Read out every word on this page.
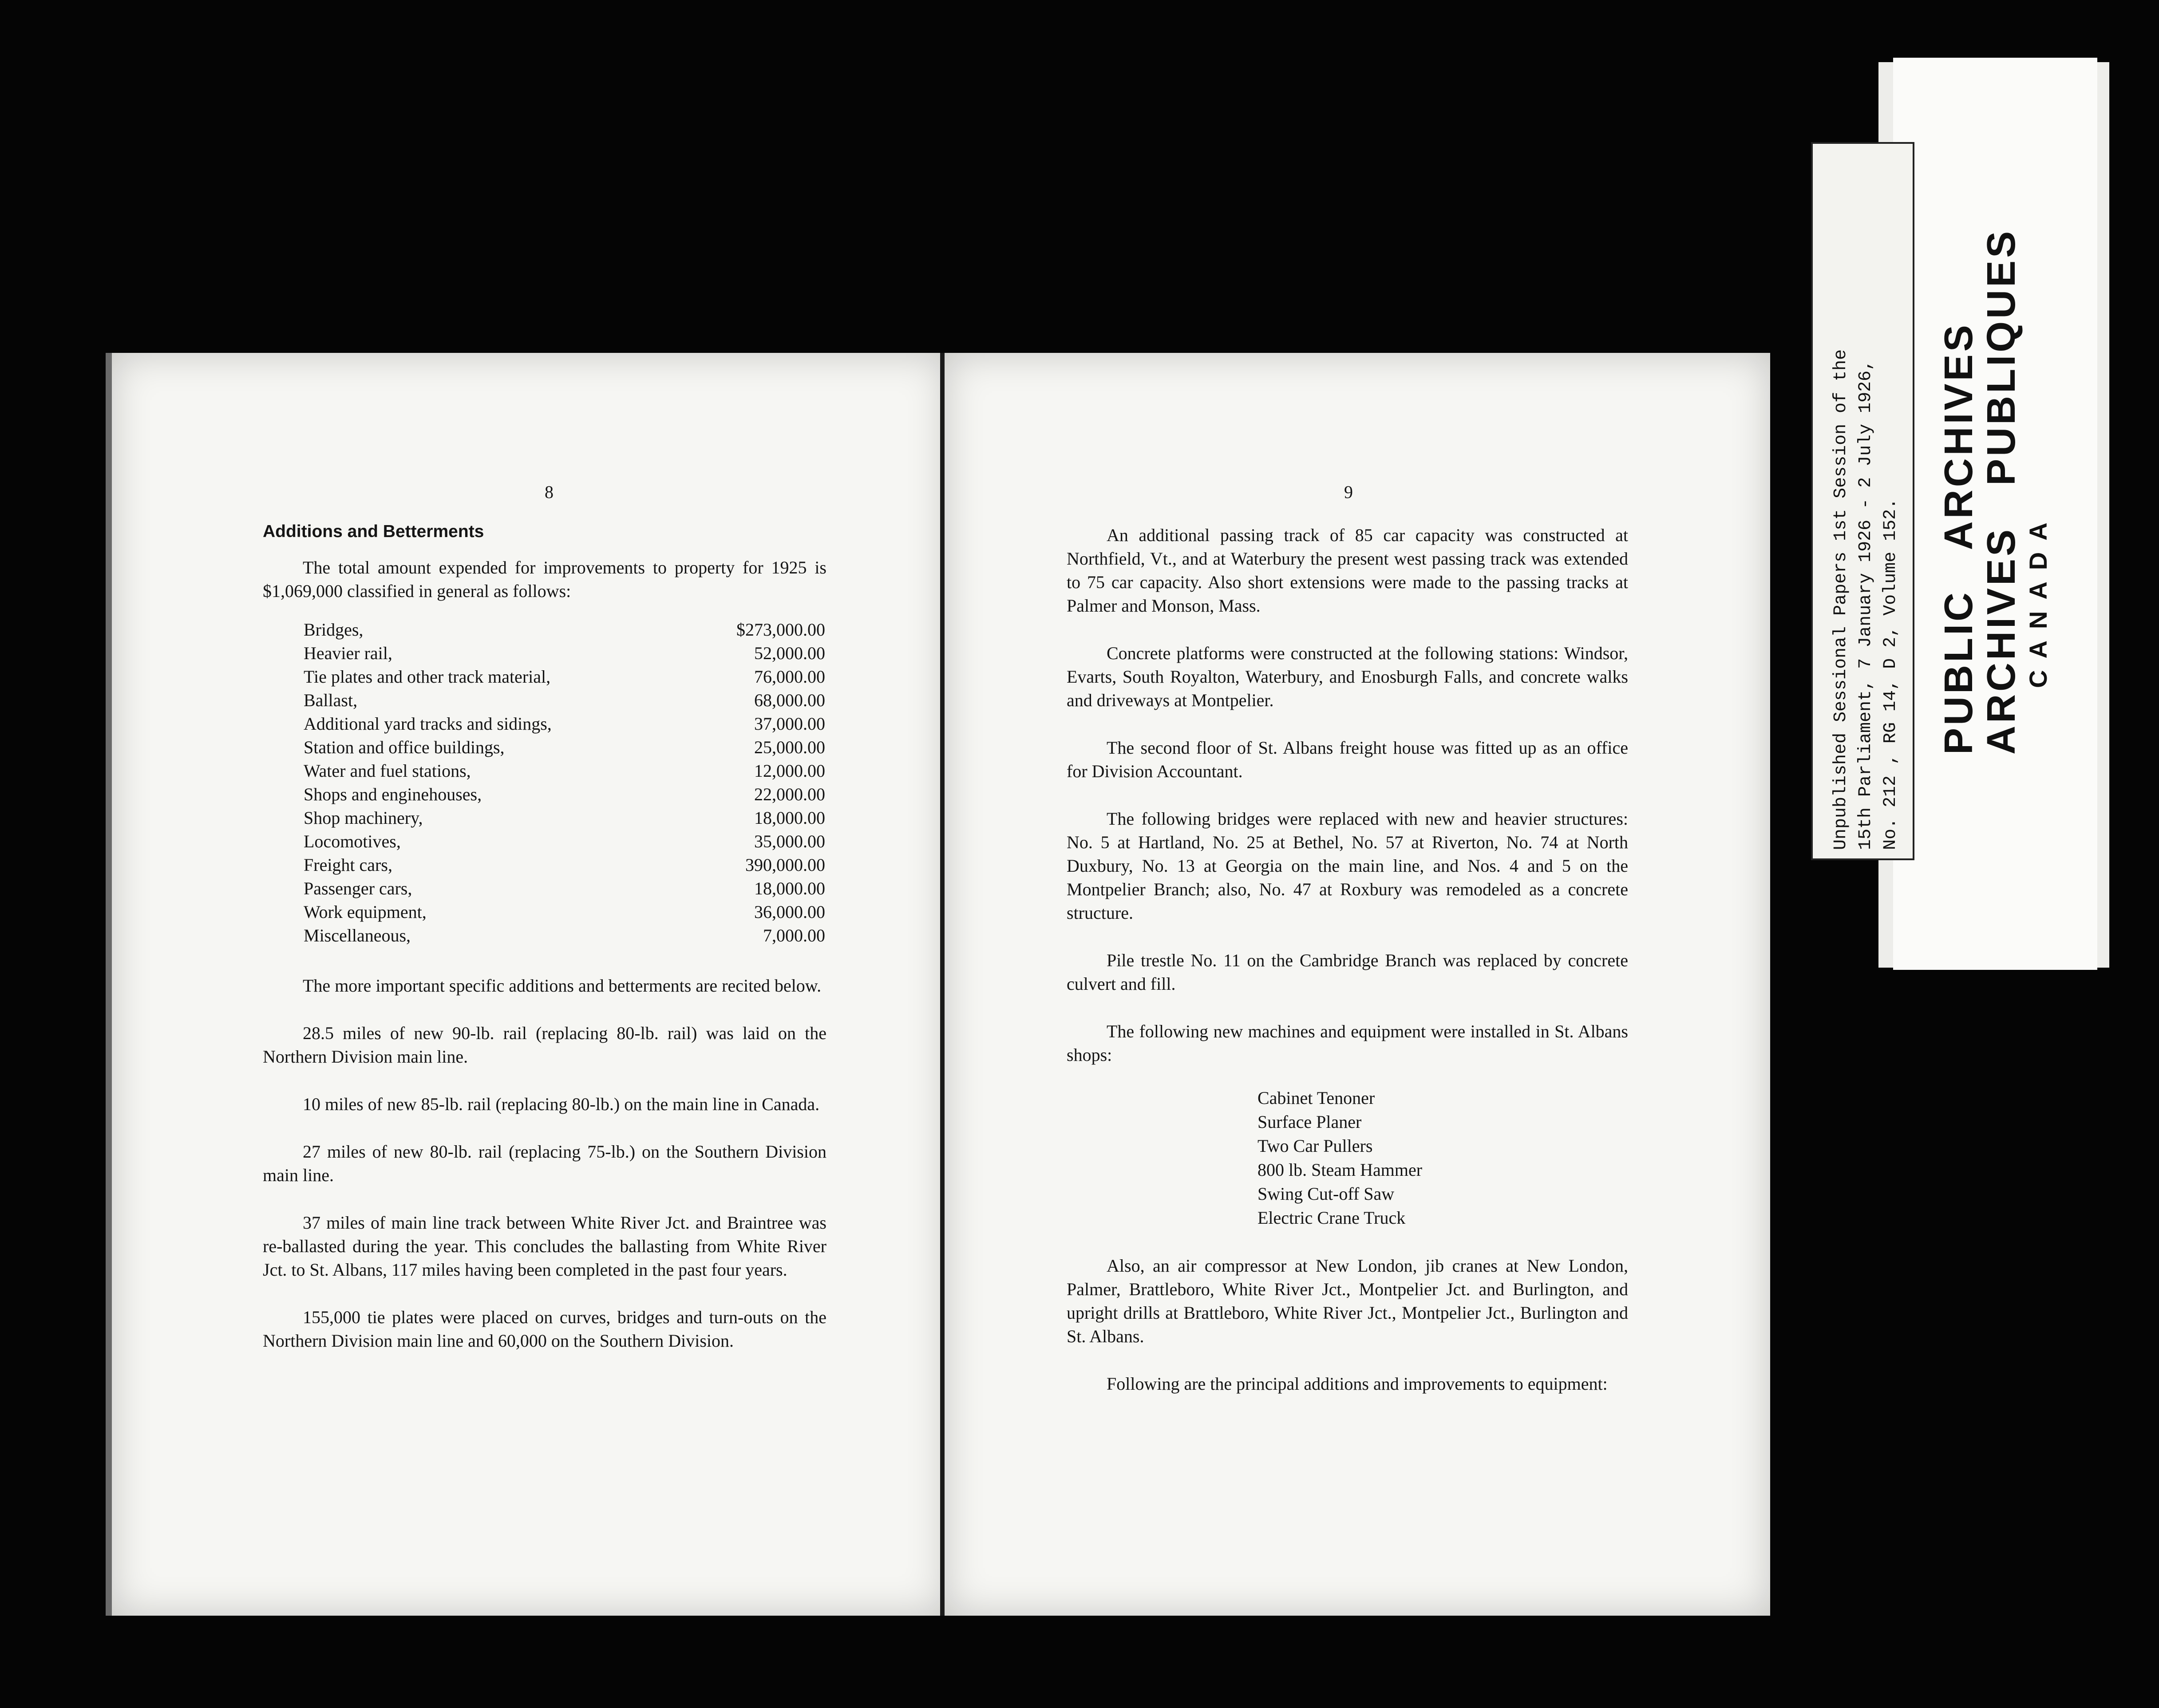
8
Additions and Betterments

The total amount expended for improvements to property for 1925 is $1,069,000 classified in general as follows:

Bridges,	$273,000.00
Heavier rail,	52,000.00
Tie plates and other track material,	76,000.00
Ballast,	68,000.00
Additional yard tracks and sidings,	37,000.00
Station and office buildings,	25,000.00
Water and fuel stations,	12,000.00
Shops and enginehouses,	22,000.00
Shop machinery,	18,000.00
Locomotives,	35,000.00
Freight cars,	390,000.00
Passenger cars,	18,000.00
Work equipment,	36,000.00
Miscellaneous,	7,000.00

The more important specific additions and betterments are recited below.

28.5 miles of new 90-lb. rail (replacing 80-lb. rail) was laid on the Northern Division main line.

10 miles of new 85-lb. rail (replacing 80-lb.) on the main line in Canada.

27 miles of new 80-lb. rail (replacing 75-lb.) on the Southern Division main line.

37 miles of main line track between White River Jct. and Braintree was re-ballasted during the year. This concludes the ballasting from White River Jct. to St. Albans, 117 miles having been completed in the past four years.

155,000 tie plates were placed on curves, bridges and turn-outs on the Northern Division main line and 60,000 on the Southern Division.

9

An additional passing track of 85 car capacity was constructed at Northfield, Vt., and at Waterbury the present west passing track was extended to 75 car capacity. Also short extensions were made to the passing tracks at Palmer and Monson, Mass.

Concrete platforms were constructed at the following stations: Windsor, Evarts, South Royalton, Waterbury, and Enosburgh Falls, and concrete walks and driveways at Montpelier.

The second floor of St. Albans freight house was fitted up as an office for Division Accountant.

The following bridges were replaced with new and heavier structures: No. 5 at Hartland, No. 25 at Bethel, No. 57 at Riverton, No. 74 at North Duxbury, No. 13 at Georgia on the main line, and Nos. 4 and 5 on the Montpelier Branch; also, No. 47 at Roxbury was remodeled as a concrete structure.

Pile trestle No. 11 on the Cambridge Branch was replaced by concrete culvert and fill.

The following new machines and equipment were installed in St. Albans shops:

Cabinet Tenoner
Surface Planer
Two Car Pullers
800 lb. Steam Hammer
Swing Cut-off Saw
Electric Crane Truck

Also, an air compressor at New London, jib cranes at New London, Palmer, Brattleboro, White River Jct., Montpelier Jct. and Burlington, and upright drills at Brattleboro, White River Jct., Montpelier Jct., Burlington and St. Albans.

Following are the principal additions and improvements to equipment:

Unpublished Sessional Papers 1st Session of the 15th Parliament, 7 January 1926 - 2 July 1926, No. 212 , RG 14, D 2, Volume 152. PUBLIC   ARCHIVES
ARCHIVES   PUBLIQUES CANADA
